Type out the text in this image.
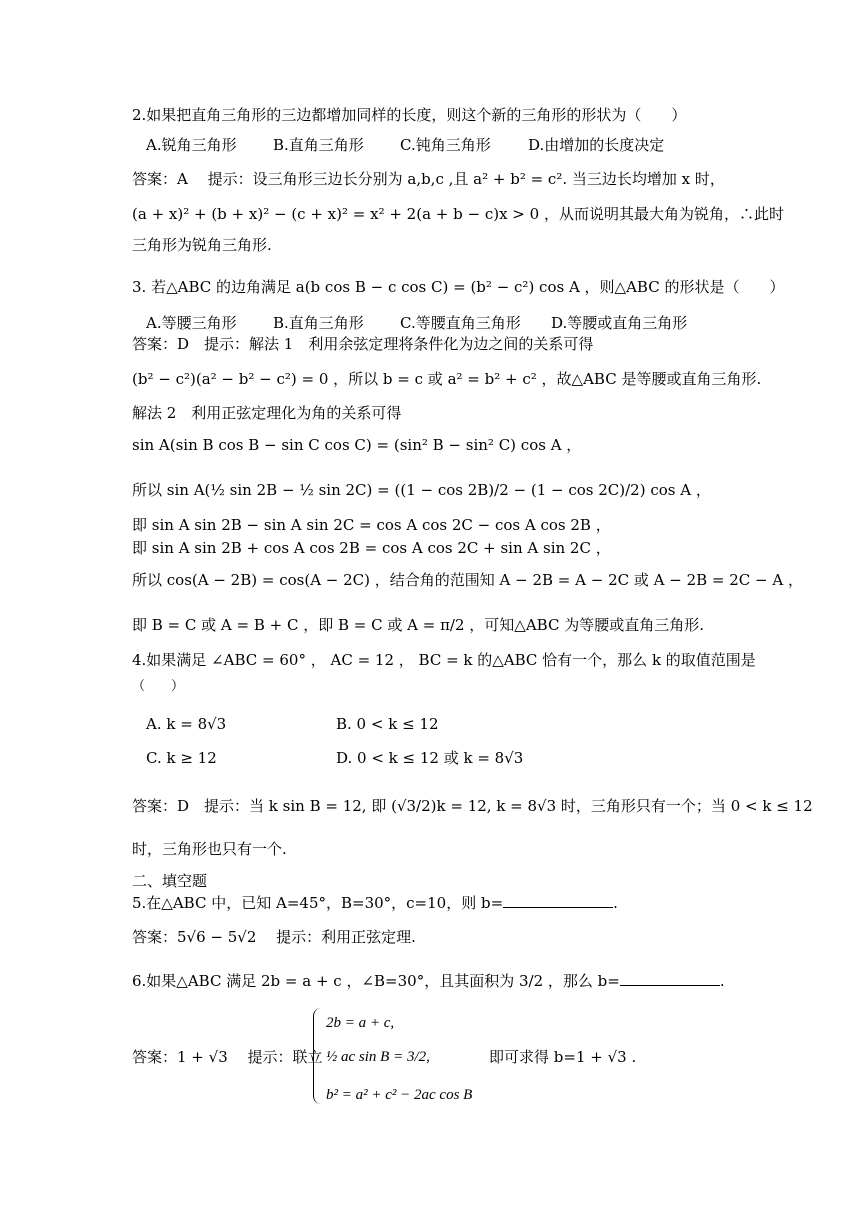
2.如果把直角三角形的三边都增加同样的长度，则这个新的三角形的形状为（　　）
A.锐角三角形 B.直角三角形 C.钝角三角形 D.由增加的长度决定
答案：A　 提示：设三角形三边长分别为 a,b,c ,且 a² + b² = c². 当三边长均增加 x 时，
(a + x)² + (b + x)² − (c + x)² = x² + 2(a + b − c)x > 0 ，从而说明其最大角为锐角，∴此时
三角形为锐角三角形.
3. 若△ABC 的边角满足 a(b cos B − c cos C) = (b² − c²) cos A ，则△ABC 的形状是（　　）
A.等腰三角形 B.直角三角形 C.等腰直角三角形 D.等腰或直角三角形
答案：D　提示：解法 1　利用余弦定理将条件化为边之间的关系可得
(b² − c²)(a² − b² − c²) = 0 ，所以 b = c 或 a² = b² + c² ，故△ABC 是等腰或直角三角形.
解法 2　利用正弦定理化为角的关系可得
sin A(sin B cos B − sin C cos C) = (sin² B − sin² C) cos A ，
所以 sin A(½ sin 2B − ½ sin 2C) = ((1 − cos 2B)/2 − (1 − cos 2C)/2) cos A ，
即 sin A sin 2B − sin A sin 2C = cos A cos 2C − cos A cos 2B ，
即 sin A sin 2B + cos A cos 2B = cos A cos 2C + sin A sin 2C ，
所以 cos(A − 2B) = cos(A − 2C) ，结合角的范围知 A − 2B = A − 2C 或 A − 2B = 2C − A ，
即 B = C 或 A = B + C ，即 B = C 或 A = π/2 ，可知△ABC 为等腰或直角三角形.
4.如果满足 ∠ABC = 60° ， AC = 12 ， BC = k 的△ABC 恰有一个，那么 k 的取值范围是
（　　）
A. k = 8√3	B. 0 < k ≤ 12
C. k ≥ 12	D. 0 < k ≤ 12 或 k = 8√3
答案：D　提示：当 k sin B = 12, 即 (√3/2)k = 12, k = 8√3 时，三角形只有一个；当 0 < k ≤ 12
时，三角形也只有一个.
二、填空题
5.在△ABC 中，已知 A=45°，B=30°，c=10，则 b=	.
答案：5√6 − 5√2　 提示：利用正弦定理.
6.如果△ABC 满足 2b = a + c ，∠B=30°，且其面积为 3/2 ，那么 b=	.
答案：1 + √3　 提示：联立
2b = a + c,
½ ac sin B = 3/2,
b² = a² + c² − 2ac cos B
即可求得 b=1 + √3 .
